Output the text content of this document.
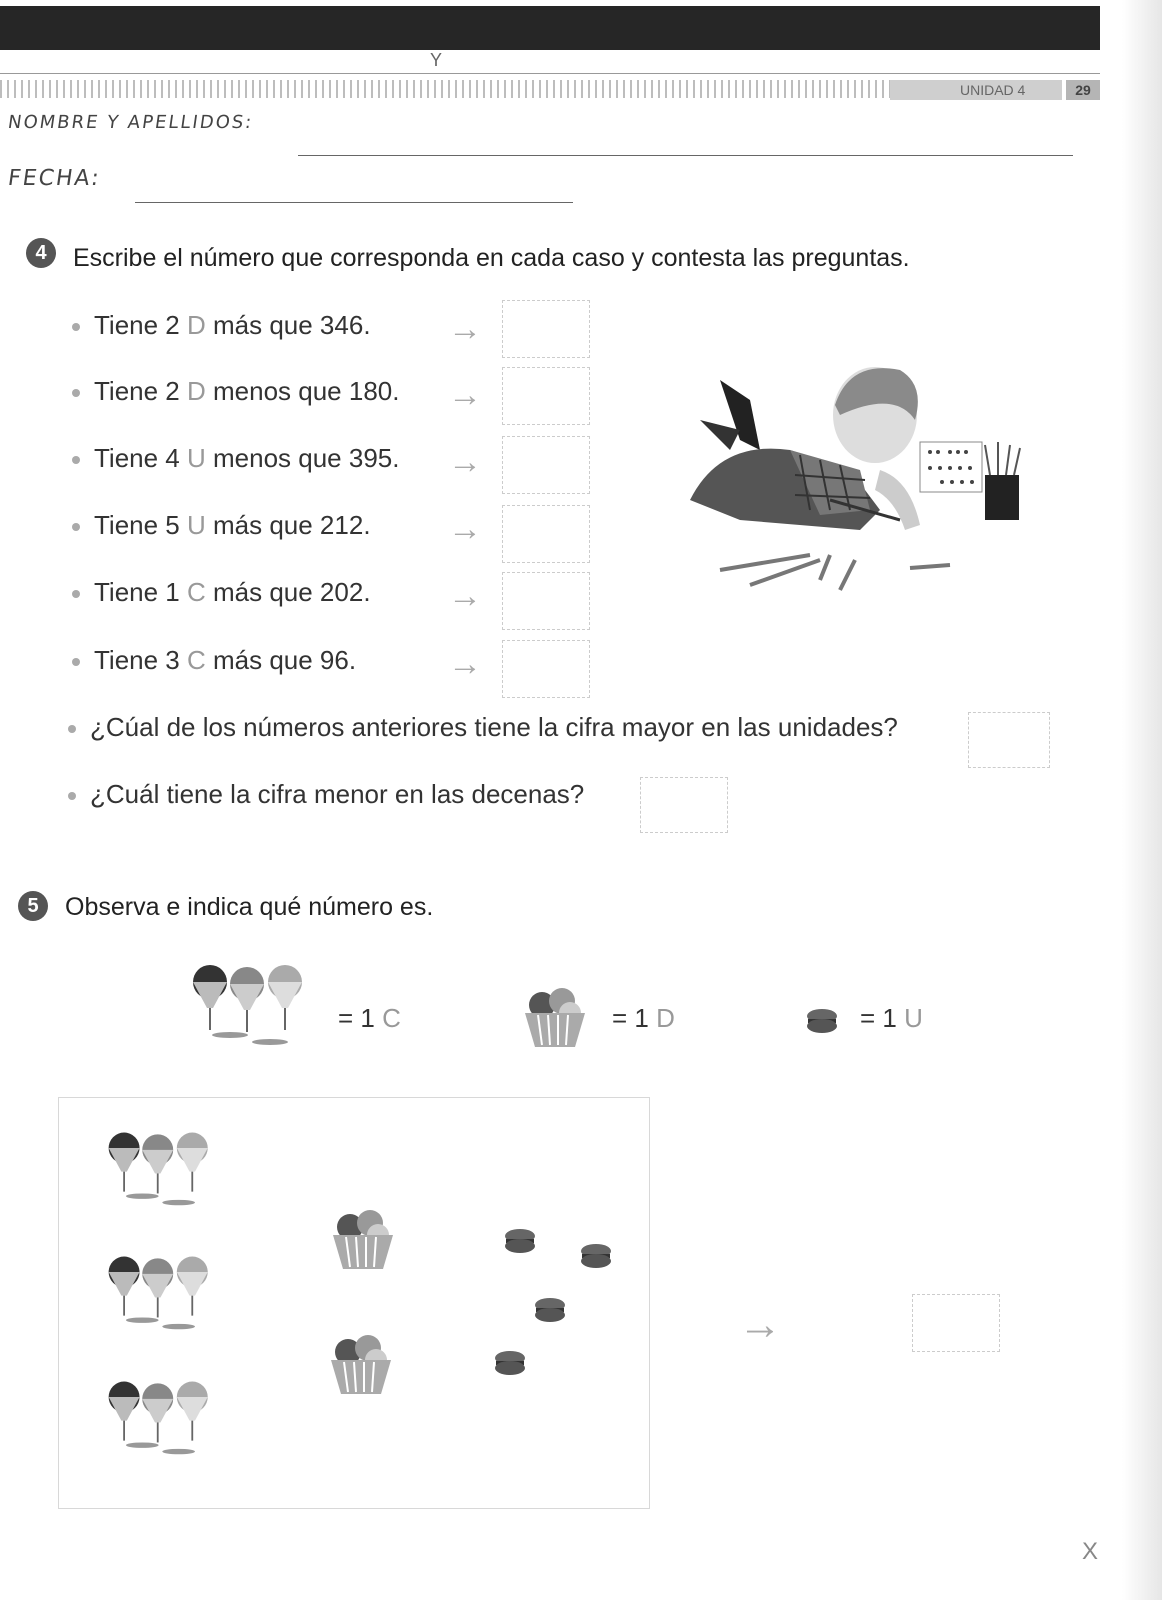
Y
UNIDAD 4	29
NOMBRE Y APELLIDOS:
FECHA:
4	Escribe el número que corresponda en cada caso y contesta las preguntas.
Tiene 2 D más que 346. →
Tiene 2 D menos que 180. →
Tiene 4 U menos que 395. →
Tiene 5 U más que 212. →
Tiene 1 C más que 202. →
Tiene 3 C más que 96.	→
¿Cúal de los números anteriores tiene la cifra mayor en las unidades?
¿Cuál tiene la cifra menor en las decenas?
5	Observa e indica qué número es.
= 1 C	= 1 D	= 1 U
→
X
